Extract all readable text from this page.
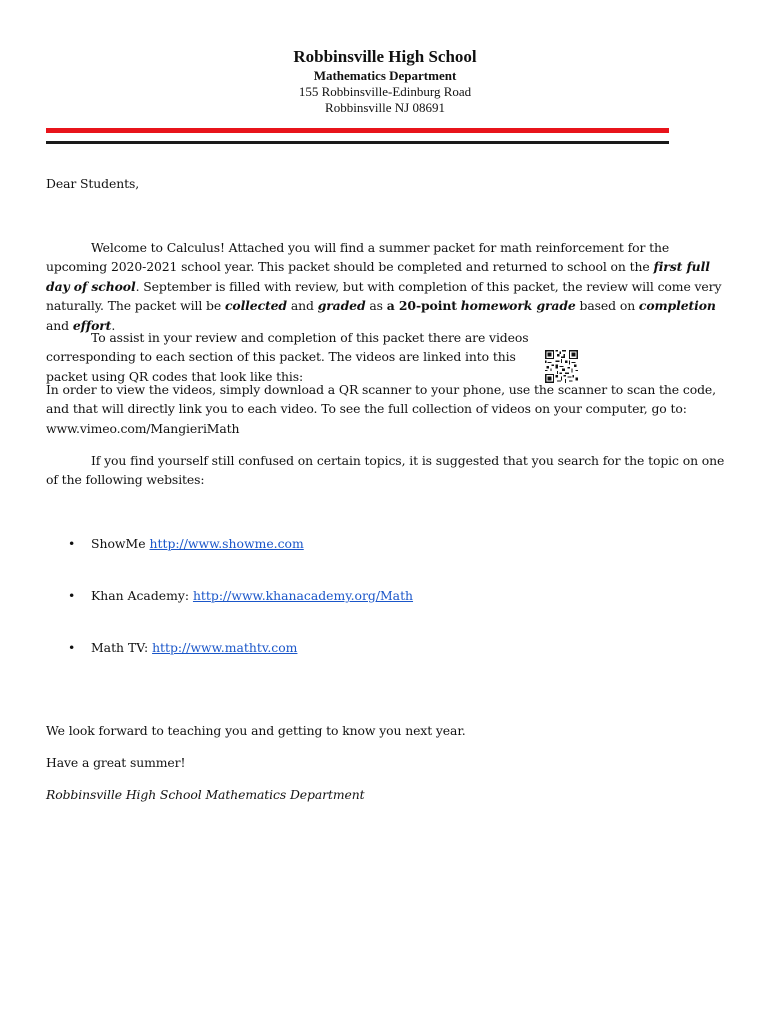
Robbinsville High School
Mathematics Department
155 Robbinsville-Edinburg Road
Robbinsville NJ 08691
Dear Students,
Welcome to Calculus! Attached you will find a summer packet for math reinforcement for the upcoming 2020-2021 school year. This packet should be completed and returned to school on the first full day of school. September is filled with review, but with completion of this packet, the review will come very naturally. The packet will be collected and graded as a 20-point homework grade based on completion and effort.
To assist in your review and completion of this packet there are videos corresponding to each section of this packet. The videos are linked into this packet using QR codes that look like this:
In order to view the videos, simply download a QR scanner to your phone, use the scanner to scan the code, and that will directly link you to each video. To see the full collection of videos on your computer, go to: www.vimeo.com/MangieriMath
If you find yourself still confused on certain topics, it is suggested that you search for the topic on one of the following websites:
• ShowMe http://www.showme.com
• Khan Academy: http://www.khanacademy.org/Math
• Math TV: http://www.mathtv.com
We look forward to teaching you and getting to know you next year.
Have a great summer!
Robbinsville High School Mathematics Department
